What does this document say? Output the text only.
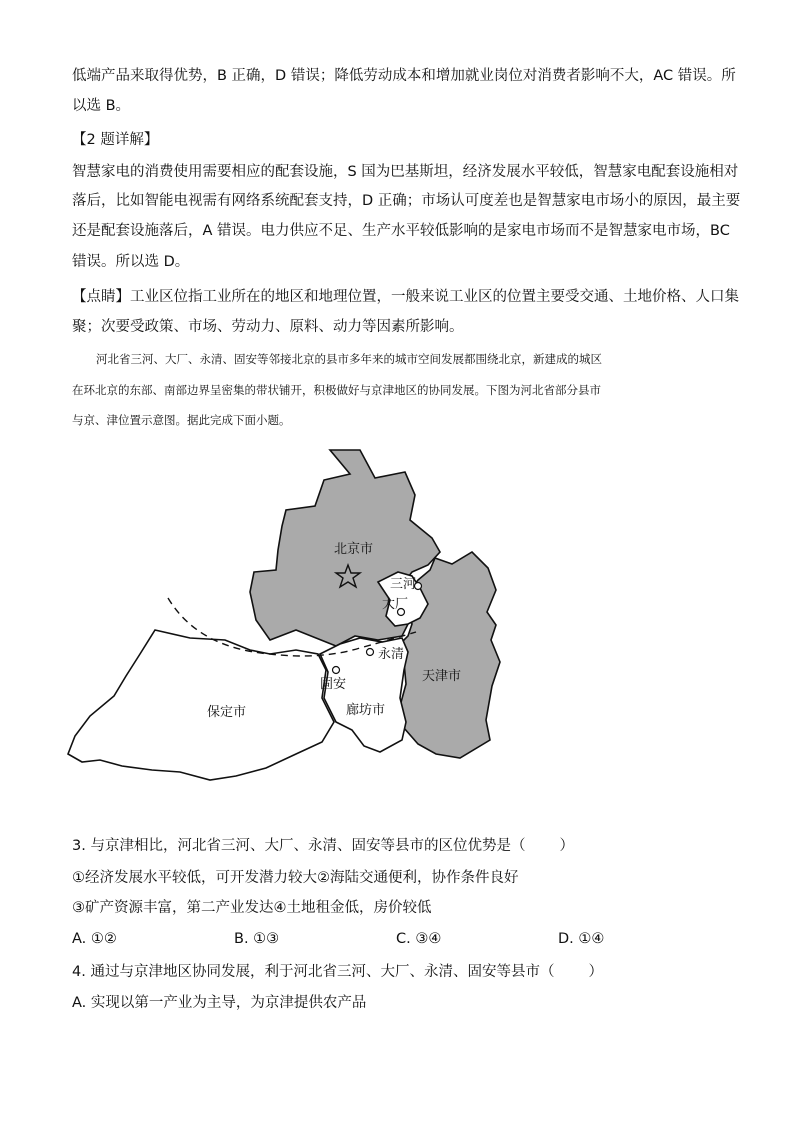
低端产品来取得优势，B 正确，D 错误；降低劳动成本和增加就业岗位对消费者影响不大，AC 错误。所
以选 B。
【2 题详解】
智慧家电的消费使用需要相应的配套设施，S 国为巴基斯坦，经济发展水平较低，智慧家电配套设施相对
落后，比如智能电视需有网络系统配套支持，D 正确；市场认可度差也是智慧家电市场小的原因，最主要
还是配套设施落后，A 错误。电力供应不足、生产水平较低影响的是家电市场而不是智慧家电市场，BC
错误。所以选 D。
【点睛】工业区位指工业所在的地区和地理位置，一般来说工业区的位置主要受交通、土地价格、人口集
聚；次要受政策、市场、劳动力、原料、动力等因素所影响。
河北省三河、大厂、永清、固安等邻接北京的县市多年来的城市空间发展都围绕北京，新建成的城区
在环北京的东部、南部边界呈密集的带状铺开，积极做好与京津地区的协同发展。下图为河北省部分县市
与京、津位置示意图。据此完成下面小题。
北京市
三河
大厂
永清
固安
天津市
保定市	廊坊市
3. 与京津相比，河北省三河、大厂、永清、固安等县市的区位优势是（ ）
①经济发展水平较低，可开发潜力较大②海陆交通便利，协作条件良好
③矿产资源丰富，第二产业发达④土地租金低，房价较低
A. ①②	B. ①③	C. ③④	D. ①④
4. 通过与京津地区协同发展，利于河北省三河、大厂、永清、固安等县市（ ）
A. 实现以第一产业为主导，为京津提供农产品
